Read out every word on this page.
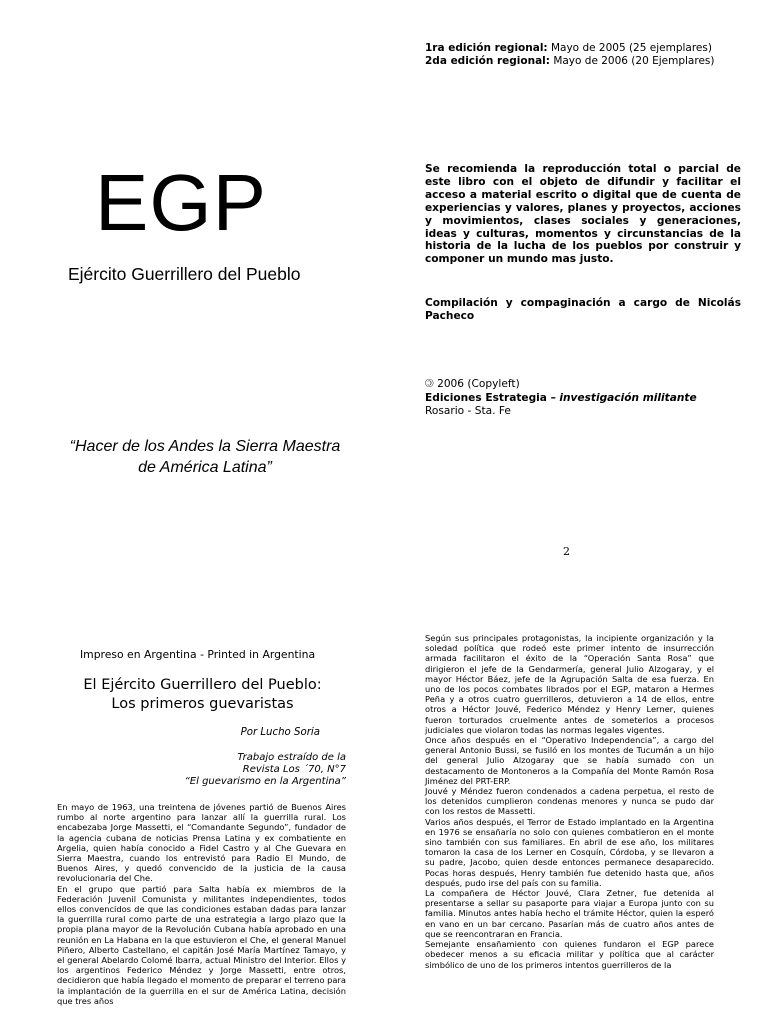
1ra edición regional: Mayo de 2005 (25 ejemplares)
2da edición regional: Mayo de 2006 (20 Ejemplares)
EGP
Ejército Guerrillero del Pueblo
Se recomienda la reproducción total o parcial de este libro con el objeto de difundir y facilitar el acceso a material escrito o digital que de cuenta de experiencias y valores, planes y proyectos, acciones y movimientos, clases sociales y generaciones, ideas y culturas, momentos y circunstancias de la historia de la lucha de los pueblos por construir y componer un mundo mas justo.
Compilación y compaginación a cargo de Nicolás Pacheco
🄯 2006 (Copyleft)
Ediciones Estrategia – investigación militante
Rosario - Sta. Fe
“Hacer de los Andes la Sierra Maestra de América Latina”
2
Impreso en Argentina - Printed in Argentina
El Ejército Guerrillero del Pueblo:
Los primeros guevaristas
Por Lucho Soria
Trabajo estraído de la
Revista Los ´70, N°7
“El guevarismo en la Argentina”

En mayo de 1963, una treintena de jóvenes partió de Buenos Aires rumbo al norte argentino para lanzar allí la guerrilla rural. Los encabezaba Jorge Massetti, el “Comandante Segundo”, fundador de la agencia cubana de noticias Prensa Latina y ex combatiente en Argelia, quien había conocido a Fidel Castro y al Che Guevara en Sierra Maestra, cuando los entrevistó para Radio El Mundo, de Buenos Aires, y quedó convencido de la justicia de la causa revolucionaria del Che.

En el grupo que partió para Salta había ex miembros de la Federación Juvenil Comunista y militantes independientes, todos ellos convencidos de que las condiciones estaban dadas para lanzar la guerrilla rural como parte de una estrategia a largo plazo que la propia plana mayor de la Revolución Cubana había aprobado en una reunión en La Habana en la que estuvieron el Che, el general Manuel Piñero, Alberto Castellano, el capitán José María Martínez Tamayo, y el general Abelardo Colomé Ibarra, actual Ministro del Interior. Ellos y los argentinos Federico Méndez y Jorge Massetti, entre otros, decidieron que había llegado el momento de preparar el terreno para la implantación de la guerrilla en el sur de América Latina, decisión que tres años

Según sus principales protagonistas, la incipiente organización y la soledad política que rodeó este primer intento de insurrección armada facilitaron el éxito de la “Operación Santa Rosa” que dirigieron el jefe de la Gendarmería, general Julio Alzogaray, y el mayor Héctor Báez, jefe de la Agrupación Salta de esa fuerza. En uno de los pocos combates librados por el EGP, mataron a Hermes Peña y a otros cuatro guerrilleros, detuvieron a 14 de ellos, entre otros a Héctor Jouvé, Federico Méndez y Henry Lerner, quienes fueron torturados cruelmente antes de someterlos a procesos judiciales que violaron todas las normas legales vigentes.

Once años después en el “Operativo Independencia”, a cargo del general Antonio Bussi, se fusiló en los montes de Tucumán a un hijo del general Julio Alzogaray que se había sumado con un destacamento de Montoneros a la Compañía del Monte Ramón Rosa Jiménez del PRT-ERP.

Jouvé y Méndez fueron condenados a cadena perpetua, el resto de los detenidos cumplieron condenas menores y nunca se pudo dar con los restos de Massetti.

Varios años después, el Terror de Estado implantado en la Argentina en 1976 se ensañaría no solo con quienes combatieron en el monte sino también con sus familiares. En abril de ese año, los militares tomaron la casa de los Lerner en Cosquín, Córdoba, y se llevaron a su padre, Jacobo, quien desde entonces permanece desaparecido. Pocas horas después, Henry también fue detenido hasta que, años después, pudo irse del país con su familia.

La compañera de Héctor Jouvé, Clara Zetner, fue detenida al presentarse a sellar su pasaporte para viajar a Europa junto con su familia. Minutos antes había hecho el trámite Héctor, quien la esperó en vano en un bar cercano. Pasarían más de cuatro años antes de que se reencontraran en Francia.

Semejante ensañamiento con quienes fundaron el EGP parece obedecer menos a su eficacia militar y política que al carácter simbólico de uno de los primeros intentos guerrilleros de la
